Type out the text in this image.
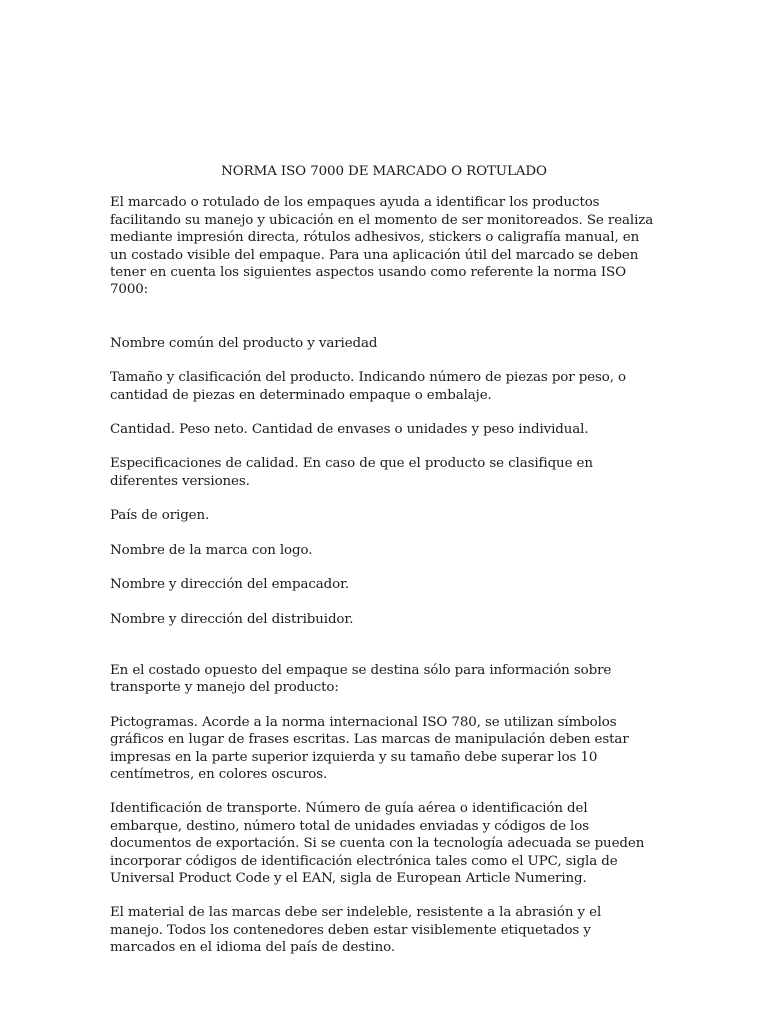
NORMA ISO 7000 DE MARCADO O ROTULADO

El marcado o rotulado de los empaques ayuda a identificar los productos facilitando su manejo y ubicación en el momento de ser monitoreados. Se realiza mediante impresión directa, rótulos adhesivos, stickers o caligrafía manual, en un costado visible del empaque. Para una aplicación útil del marcado se deben tener en cuenta los siguientes aspectos usando como referente la norma ISO 7000:

Nombre común del producto y variedad

Tamaño y clasificación del producto. Indicando número de piezas por peso, o cantidad de piezas en determinado empaque o embalaje.

Cantidad. Peso neto. Cantidad de envases o unidades y peso individual.

Especificaciones de calidad. En caso de que el producto se clasifique en diferentes versiones.

País de origen.

Nombre de la marca con logo.

Nombre y dirección del empacador.

Nombre y dirección del distribuidor.

En el costado opuesto del empaque se destina sólo para información sobre transporte y manejo del producto:

Pictogramas. Acorde a la norma internacional ISO 780, se utilizan símbolos gráficos en lugar de frases escritas. Las marcas de manipulación deben estar impresas en la parte superior izquierda y su tamaño debe superar los 10 centímetros, en colores oscuros.

Identificación de transporte. Número de guía aérea o identificación del embarque, destino, número total de unidades enviadas y códigos de los documentos de exportación. Si se cuenta con la tecnología adecuada se pueden incorporar códigos de identificación electrónica tales como el UPC, sigla de Universal Product Code y el EAN, sigla de European Article Numering.

El material de las marcas debe ser indeleble, resistente a la abrasión y el manejo. Todos los contenedores deben estar visiblemente etiquetados y marcados en el idioma del país de destino.
